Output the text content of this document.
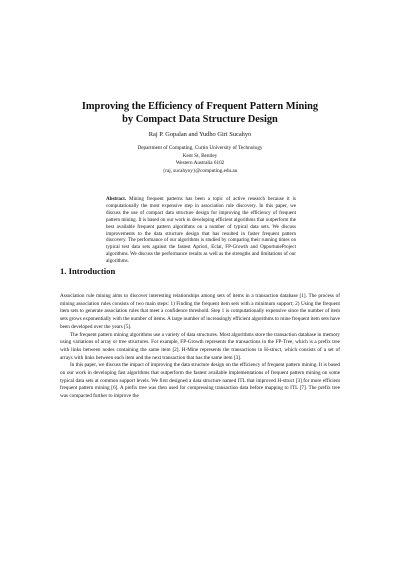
Improving the Efficiency of Frequent Pattern Mining
by Compact Data Structure Design
Raj P. Gopalan and Yudho Giri Sucahyo
Department of Computing, Curtin University of Technology
Kent St, Bentley
Western Australia 6102
{raj, sucahyoy}@computing.edu.au
Abstract. Mining frequent patterns has been a topic of active research because it is computationally the most expensive step in association rule discovery. In this paper, we discuss the use of compact data structure design for improving the efficiency of frequent pattern mining. It is based on our work in developing efficient algorithms that outperform the best available frequent pattern algorithms on a number of typical data sets. We discuss improvements to the data structure design that has resulted in faster frequent pattern discovery. The performance of our algorithms is studied by comparing their running times on typical test data sets against the fastest Apriori, Eclat, FP-Growth and OpportuneProject algorithms. We discuss the performance results as well as the strengths and limitations of our algorithms.
1. Introduction

Association rule mining aims to discover interesting relationships among sets of items in a transaction database [1]. The process of mining association rules consists of two main steps: 1) Finding the frequent item sets with a minimum support; 2) Using the frequent item sets to generate association rules that meet a confidence threshold. Step 1 is computationally expensive since the number of item sets grows exponentially with the number of items. A large number of increasingly efficient algorithms to mine frequent item sets have been developed over the years [5].

The frequent pattern mining algorithms use a variety of data structures. Most algorithms store the transaction database in memory using variations of array or tree structures. For example, FP-Growth represents the transactions in the FP-Tree, which is a prefix tree with links between nodes containing the same item [2]. H-Mine represents the transactions in H-struct, which consists of a set of arrays with links between each item and the next transaction that has the same item [3].

In this paper, we discuss the impact of improving the data structure design on the efficiency of frequent pattern mining. It is based on our work in developing fast algorithms that outperform the fastest available implementations of frequent pattern mining on some typical data sets at common support levels. We first designed a data structure named ITL that improved H-struct [3] for more efficient frequent pattern mining [6]. A prefix tree was then used for compressing transaction data before mapping to ITL [7]. The prefix tree was compacted further to improve the
